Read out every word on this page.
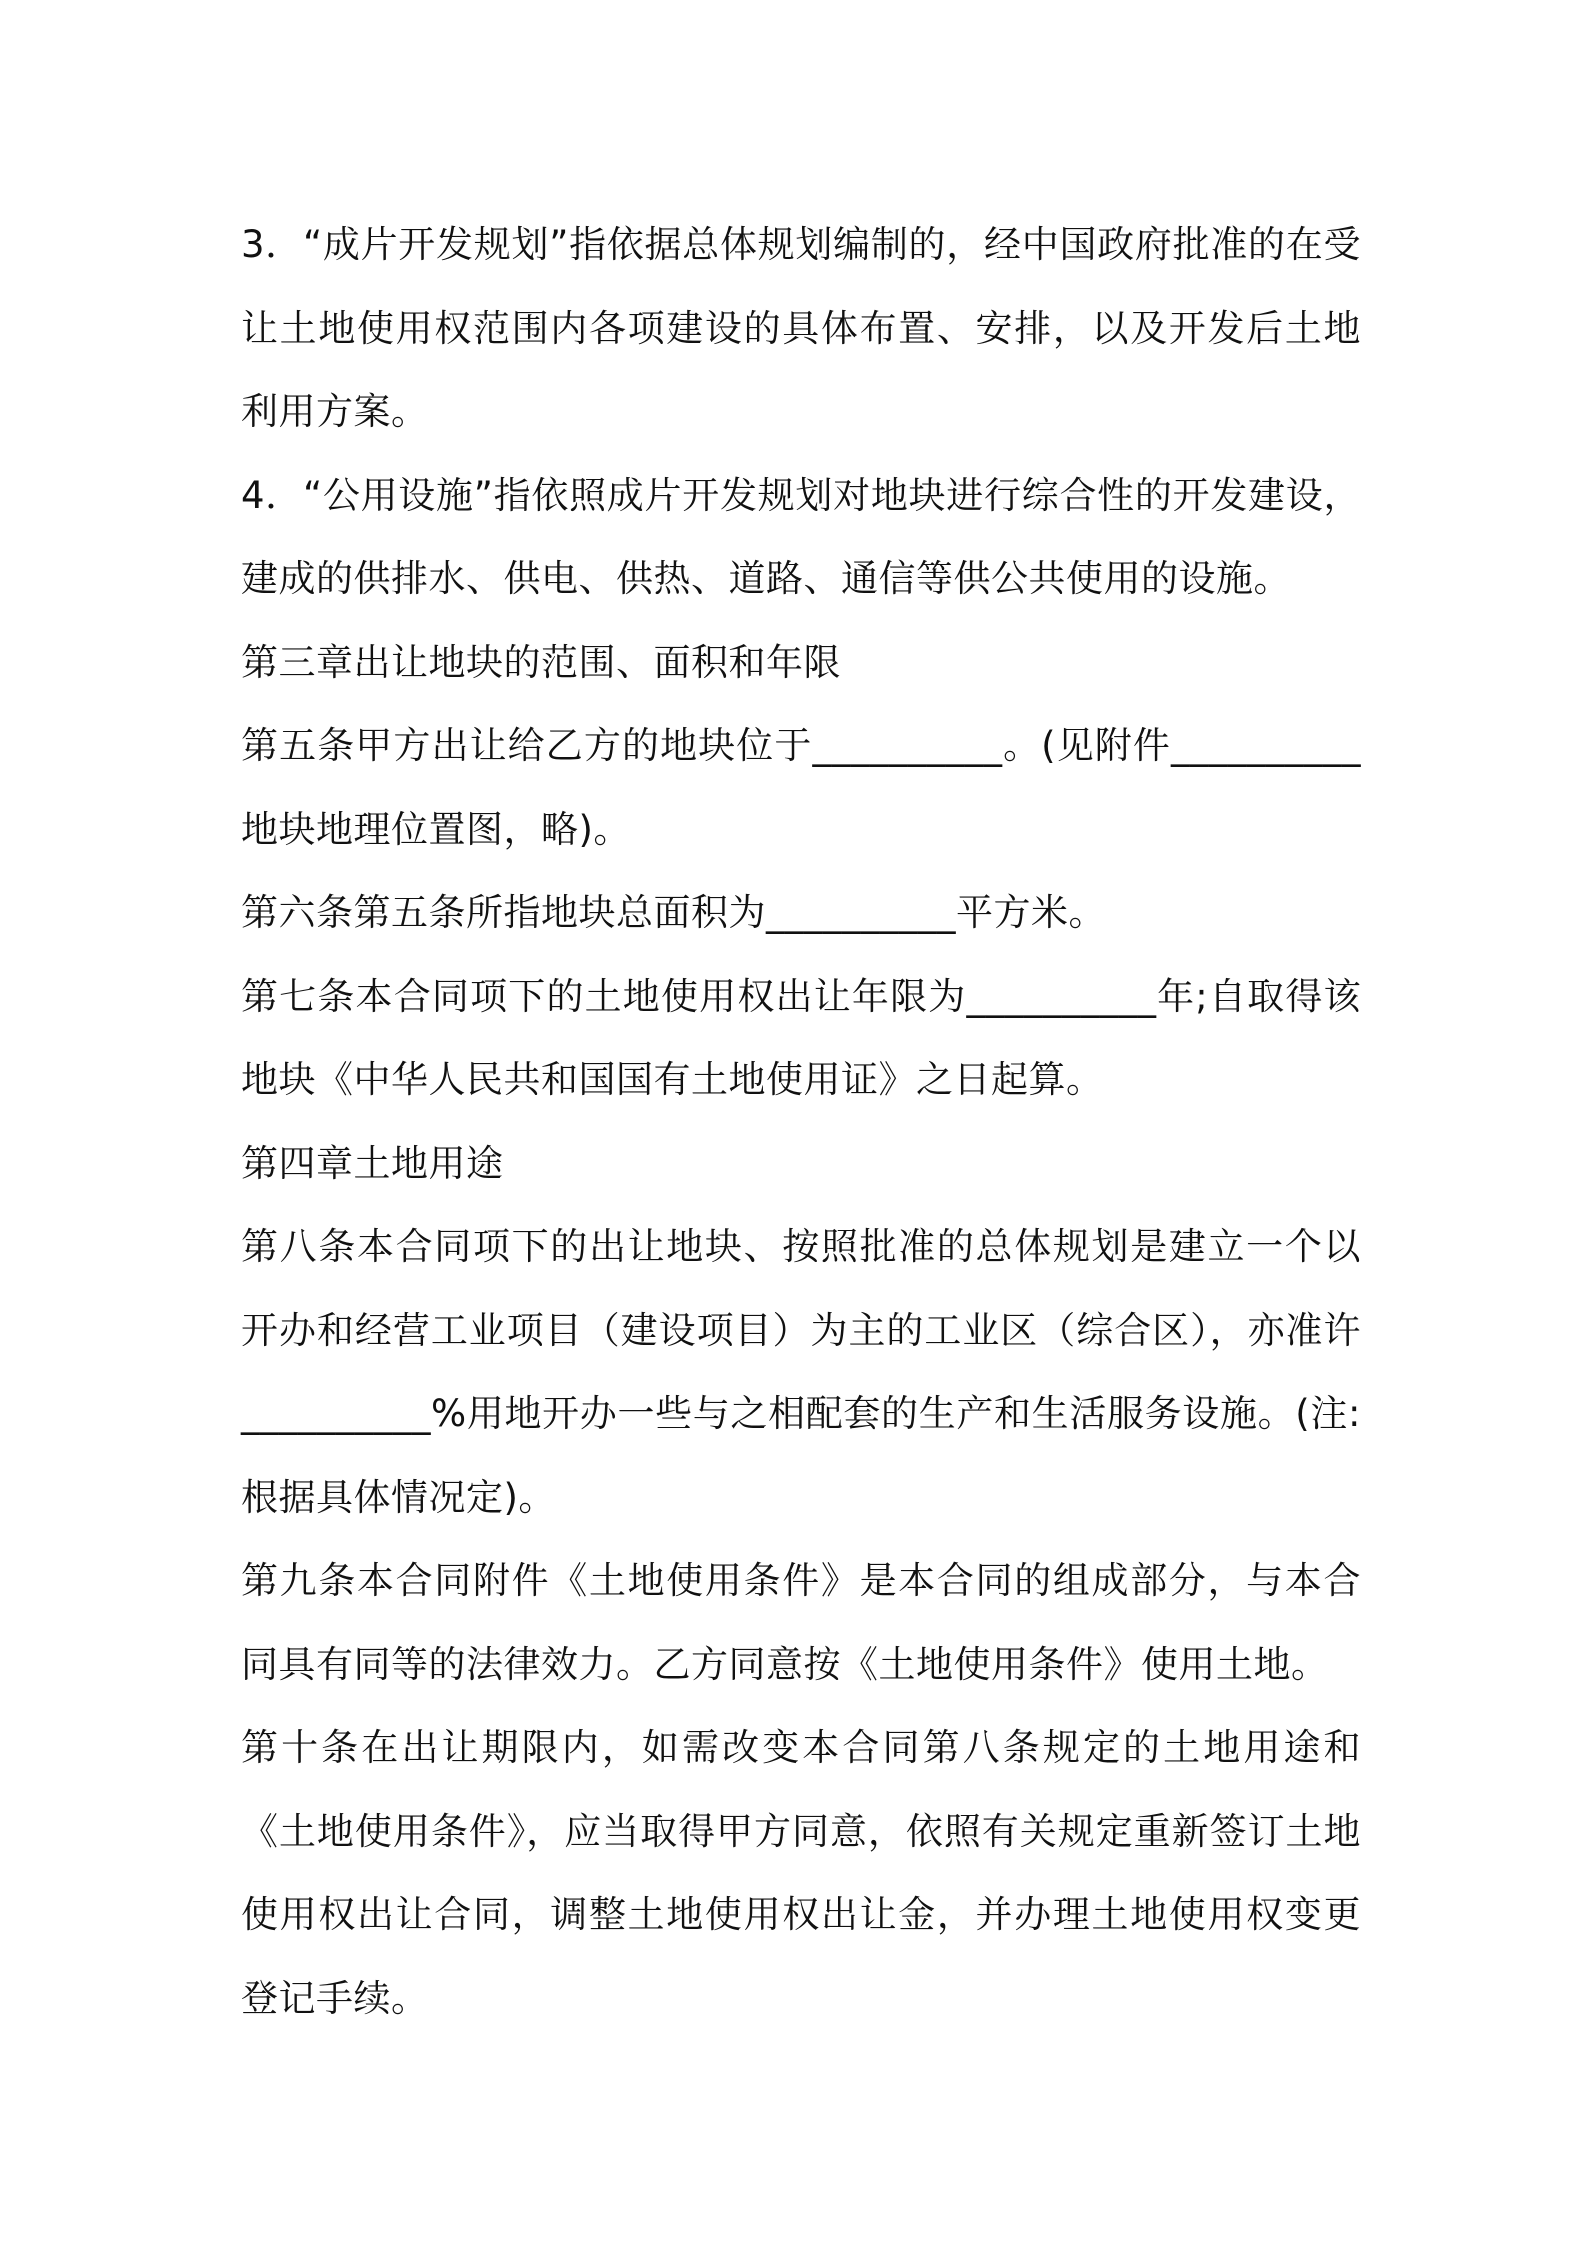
3．“成片开发规划”指依据总体规划编制的，经中国政府批准的在受让土地使用权范围内各项建设的具体布置、安排，以及开发后土地利用方案。

4．“公用设施”指依照成片开发规划对地块进行综合性的开发建设，建成的供排水、供电、供热、道路、通信等供公共使用的设施。

第三章出让地块的范围、面积和年限

第五条甲方出让给乙方的地块位于__________。(见附件__________地块地理位置图，略)。

第六条第五条所指地块总面积为__________平方米。

第七条本合同项下的土地使用权出让年限为__________年;自取得该地块《中华人民共和国国有土地使用证》之日起算。

第四章土地用途

第八条本合同项下的出让地块、按照批准的总体规划是建立一个以开办和经营工业项目（建设项目）为主的工业区（综合区），亦准许__________%用地开办一些与之相配套的生产和生活服务设施。(注:根据具体情况定)。

第九条本合同附件《土地使用条件》是本合同的组成部分，与本合同具有同等的法律效力。乙方同意按《土地使用条件》使用土地。

第十条在出让期限内，如需改变本合同第八条规定的土地用途和《土地使用条件》，应当取得甲方同意，依照有关规定重新签订土地使用权出让合同，调整土地使用权出让金，并办理土地使用权变更登记手续。
